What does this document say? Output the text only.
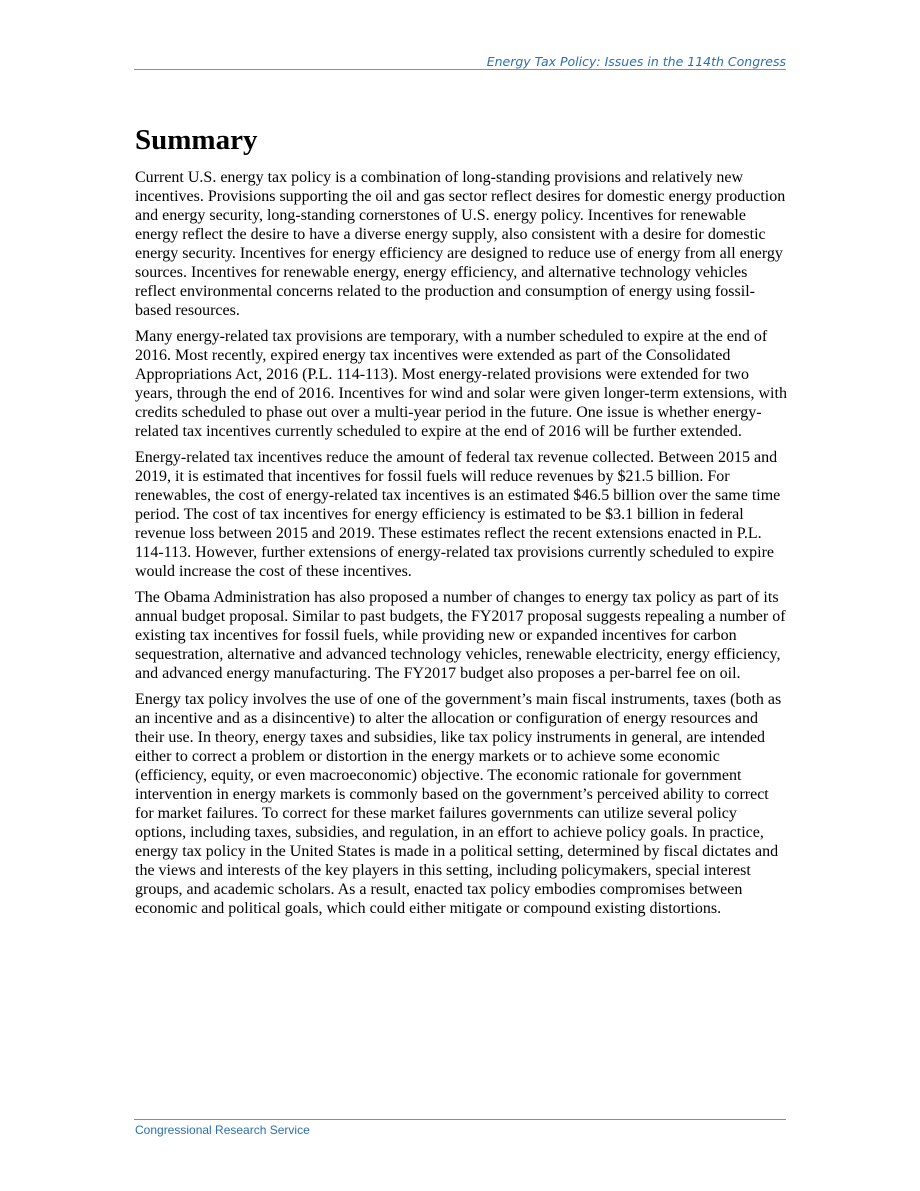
Energy Tax Policy: Issues in the 114th Congress
Summary

Current U.S. energy tax policy is a combination of long-standing provisions and relatively new incentives. Provisions supporting the oil and gas sector reflect desires for domestic energy production and energy security, long-standing cornerstones of U.S. energy policy. Incentives for renewable energy reflect the desire to have a diverse energy supply, also consistent with a desire for domestic energy security. Incentives for energy efficiency are designed to reduce use of energy from all energy sources. Incentives for renewable energy, energy efficiency, and alternative technology vehicles reflect environmental concerns related to the production and consumption of energy using fossil-based resources.

Many energy-related tax provisions are temporary, with a number scheduled to expire at the end of 2016. Most recently, expired energy tax incentives were extended as part of the Consolidated Appropriations Act, 2016 (P.L. 114-113). Most energy-related provisions were extended for two years, through the end of 2016. Incentives for wind and solar were given longer-term extensions, with credits scheduled to phase out over a multi-year period in the future. One issue is whether energy-related tax incentives currently scheduled to expire at the end of 2016 will be further extended.

Energy-related tax incentives reduce the amount of federal tax revenue collected. Between 2015 and 2019, it is estimated that incentives for fossil fuels will reduce revenues by $21.5 billion. For renewables, the cost of energy-related tax incentives is an estimated $46.5 billion over the same time period. The cost of tax incentives for energy efficiency is estimated to be $3.1 billion in federal revenue loss between 2015 and 2019. These estimates reflect the recent extensions enacted in P.L. 114-113. However, further extensions of energy-related tax provisions currently scheduled to expire would increase the cost of these incentives.

The Obama Administration has also proposed a number of changes to energy tax policy as part of its annual budget proposal. Similar to past budgets, the FY2017 proposal suggests repealing a number of existing tax incentives for fossil fuels, while providing new or expanded incentives for carbon sequestration, alternative and advanced technology vehicles, renewable electricity, energy efficiency, and advanced energy manufacturing. The FY2017 budget also proposes a per-barrel fee on oil.

Energy tax policy involves the use of one of the government’s main fiscal instruments, taxes (both as an incentive and as a disincentive) to alter the allocation or configuration of energy resources and their use. In theory, energy taxes and subsidies, like tax policy instruments in general, are intended either to correct a problem or distortion in the energy markets or to achieve some economic (efficiency, equity, or even macroeconomic) objective. The economic rationale for government intervention in energy markets is commonly based on the government’s perceived ability to correct for market failures. To correct for these market failures governments can utilize several policy options, including taxes, subsidies, and regulation, in an effort to achieve policy goals. In practice, energy tax policy in the United States is made in a political setting, determined by fiscal dictates and the views and interests of the key players in this setting, including policymakers, special interest groups, and academic scholars. As a result, enacted tax policy embodies compromises between economic and political goals, which could either mitigate or compound existing distortions.

Congressional Research Service
